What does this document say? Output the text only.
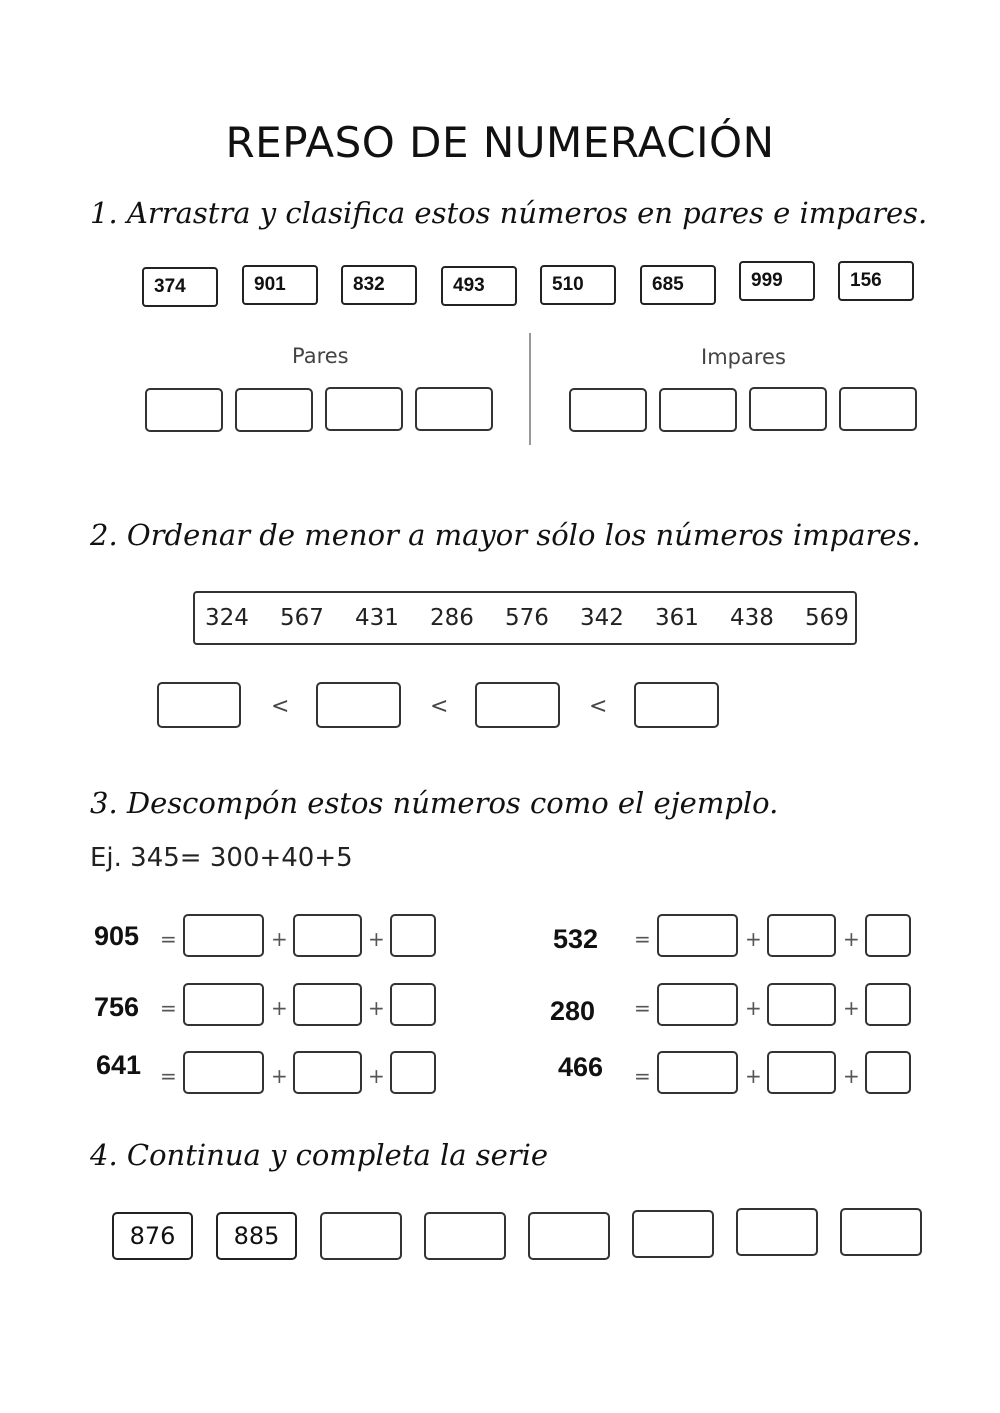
REPASO DE NUMERACIÓN
1. Arrastra y clasifica estos números en pares e impares.
374	901	832	493	510	685	999	156
Pares	Impares
2. Ordenar de menor a mayor sólo los números impares.
324 567 431 286 576 342 361 438 569
<	<	<
3. Descompón estos números como el ejemplo.
Ej. 345= 300+40+5
905 =	+	+
756 =	+	+
641 =	+	+
532 =	+	+
280 =	+	+
466 =	+	+
4. Continua y completa la serie
876	885
